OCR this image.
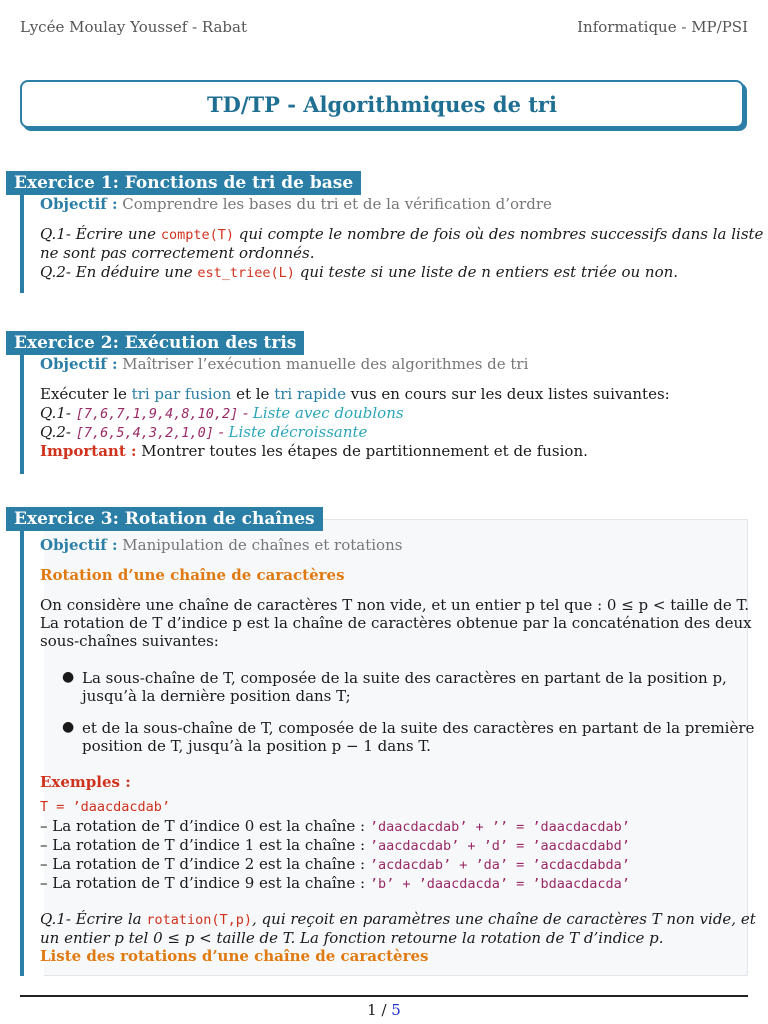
Lycée Moulay Youssef - Rabat	Informatique - MP/PSI
TD/TP - Algorithmiques de tri
Exercice 1: Fonctions de tri de base
Objectif : Comprendre les bases du tri et de la vérification d’ordre
Q.1- Écrire une compte(T) qui compte le nombre de fois où des nombres successifs dans la liste
ne sont pas correctement ordonnés.
Q.2- En déduire une est_triee(L) qui teste si une liste de n entiers est triée ou non.
Exercice 2: Exécution des tris
Objectif : Maîtriser l’exécution manuelle des algorithmes de tri
Exécuter le tri par fusion et le tri rapide vus en cours sur les deux listes suivantes:
Q.1- [7,6,7,1,9,4,8,10,2] - Liste avec doublons
Q.2- [7,6,5,4,3,2,1,0] - Liste décroissante
Important : Montrer toutes les étapes de partitionnement et de fusion.
Exercice 3: Rotation de chaînes
Objectif : Manipulation de chaînes et rotations
Rotation d’une chaîne de caractères
On considère une chaîne de caractères T non vide, et un entier p tel que : 0 ≤ p < taille de T.
La rotation de T d’indice p est la chaîne de caractères obtenue par la concaténation des deux
sous-chaînes suivantes:
● La sous-chaîne de T, composée de la suite des caractères en partant de la position p,
jusqu’à la dernière position dans T;
● et de la sous-chaîne de T, composée de la suite des caractères en partant de la première
position de T, jusqu’à la position p − 1 dans T.
Exemples :
T = ’daacdacdab’
– La rotation de T d’indice 0 est la chaîne : ’daacdacdab’ + ’’ = ’daacdacdab’
– La rotation de T d’indice 1 est la chaîne : ’aacdacdab’ + ’d’ = ’aacdacdabd’
– La rotation de T d’indice 2 est la chaîne : ’acdacdab’ + ’da’ = ’acdacdabda’
– La rotation de T d’indice 9 est la chaîne : ’b’ + ’daacdacda’ = ’bdaacdacda’
Q.1- Écrire la rotation(T,p), qui reçoit en paramètres une chaîne de caractères T non vide, et
un entier p tel 0 ≤ p < taille de T. La fonction retourne la rotation de T d’indice p.
Liste des rotations d’une chaîne de caractères
1 / 5
